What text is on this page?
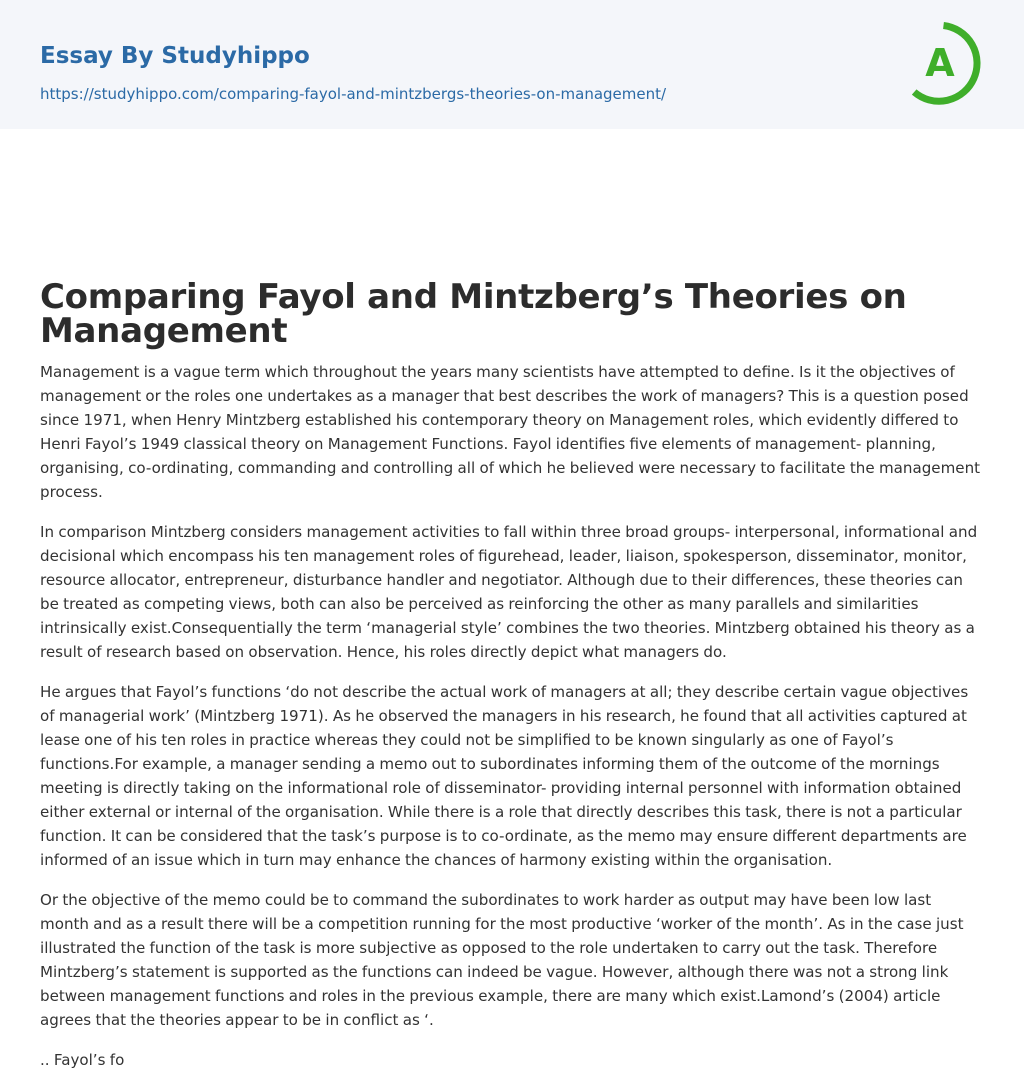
Essay By Studyhippo
https://studyhippo.com/comparing-fayol-and-mintzbergs-theories-on-management/
A
Comparing Fayol and Mintzberg’s Theories on Management

Management is a vague term which throughout the years many scientists have attempted to define. Is it the objectives of management or the roles one undertakes as a manager that best describes the work of managers? This is a question posed since 1971, when Henry Mintzberg established his contemporary theory on Management roles, which evidently differed to Henri Fayol’s 1949 classical theory on Management Functions. Fayol identifies five elements of management- planning, organising, co-ordinating, commanding and controlling all of which he believed were necessary to facilitate the management process.

In comparison Mintzberg considers management activities to fall within three broad groups- interpersonal, informational and decisional which encompass his ten management roles of figurehead, leader, liaison, spokesperson, disseminator, monitor, resource allocator, entrepreneur, disturbance handler and negotiator. Although due to their differences, these theories can be treated as competing views, both can also be perceived as reinforcing the other as many parallels and similarities intrinsically exist.Consequentially the term ‘managerial style’ combines the two theories. Mintzberg obtained his theory as a result of research based on observation. Hence, his roles directly depict what managers do.

He argues that Fayol’s functions ‘do not describe the actual work of managers at all; they describe certain vague objectives of managerial work’ (Mintzberg 1971). As he observed the managers in his research, he found that all activities captured at lease one of his ten roles in practice whereas they could not be simplified to be known singularly as one of Fayol’s functions.For example, a manager sending a memo out to subordinates informing them of the outcome of the mornings meeting is directly taking on the informational role of disseminator- providing internal personnel with information obtained either external or internal of the organisation. While there is a role that directly describes this task, there is not a particular function. It can be considered that the task’s purpose is to co-ordinate, as the memo may ensure different departments are informed of an issue which in turn may enhance the chances of harmony existing within the organisation.

Or the objective of the memo could be to command the subordinates to work harder as output may have been low last month and as a result there will be a competition running for the most productive ‘worker of the month’. As in the case just illustrated the function of the task is more subjective as opposed to the role undertaken to carry out the task. Therefore Mintzberg’s statement is supported as the functions can indeed be vague. However, although there was not a strong link between management functions and roles in the previous example, there are many which exist.Lamond’s (2004) article agrees that the theories appear to be in conflict as ‘.

.. Fayol’s fo
